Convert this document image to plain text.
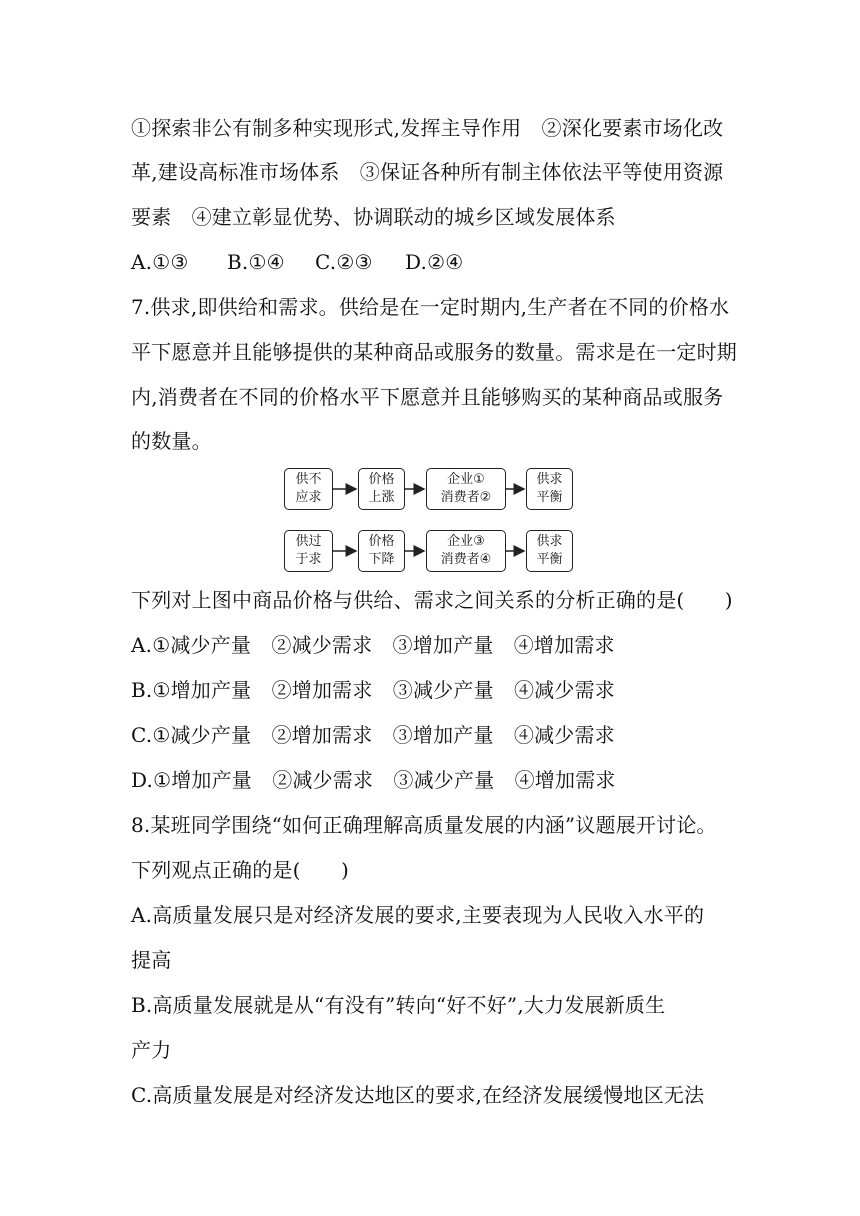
①探索非公有制多种实现形式,发挥主导作用　②深化要素市场化改
革,建设高标准市场体系　③保证各种所有制主体依法平等使用资源
要素　④建立彰显优势、协调联动的城乡区域发展体系
A.①③ B.①④ C.②③ D.②④
7.供求,即供给和需求。供给是在一定时期内,生产者在不同的价格水
平下愿意并且能够提供的某种商品或服务的数量。需求是在一定时期
内,消费者在不同的价格水平下愿意并且能够购买的某种商品或服务
的数量。
供不
应求
价格
上涨
企业①
消费者②
供求
平衡
供过
于求
价格
下降
企业③
消费者④
供求
平衡
下列对上图中商品价格与供给、需求之间关系的分析正确的是(　　)
A.①减少产量　②减少需求　③增加产量　④增加需求
B.①增加产量　②增加需求　③减少产量　④减少需求
C.①减少产量　②增加需求　③增加产量　④减少需求
D.①增加产量　②减少需求　③减少产量　④增加需求
8.某班同学围绕“如何正确理解高质量发展的内涵”议题展开讨论。
下列观点正确的是(　　)
A.高质量发展只是对经济发展的要求,主要表现为人民收入水平的
提高
B.高质量发展就是从“有没有”转向“好不好”,大力发展新质生
产力
C.高质量发展是对经济发达地区的要求,在经济发展缓慢地区无法
